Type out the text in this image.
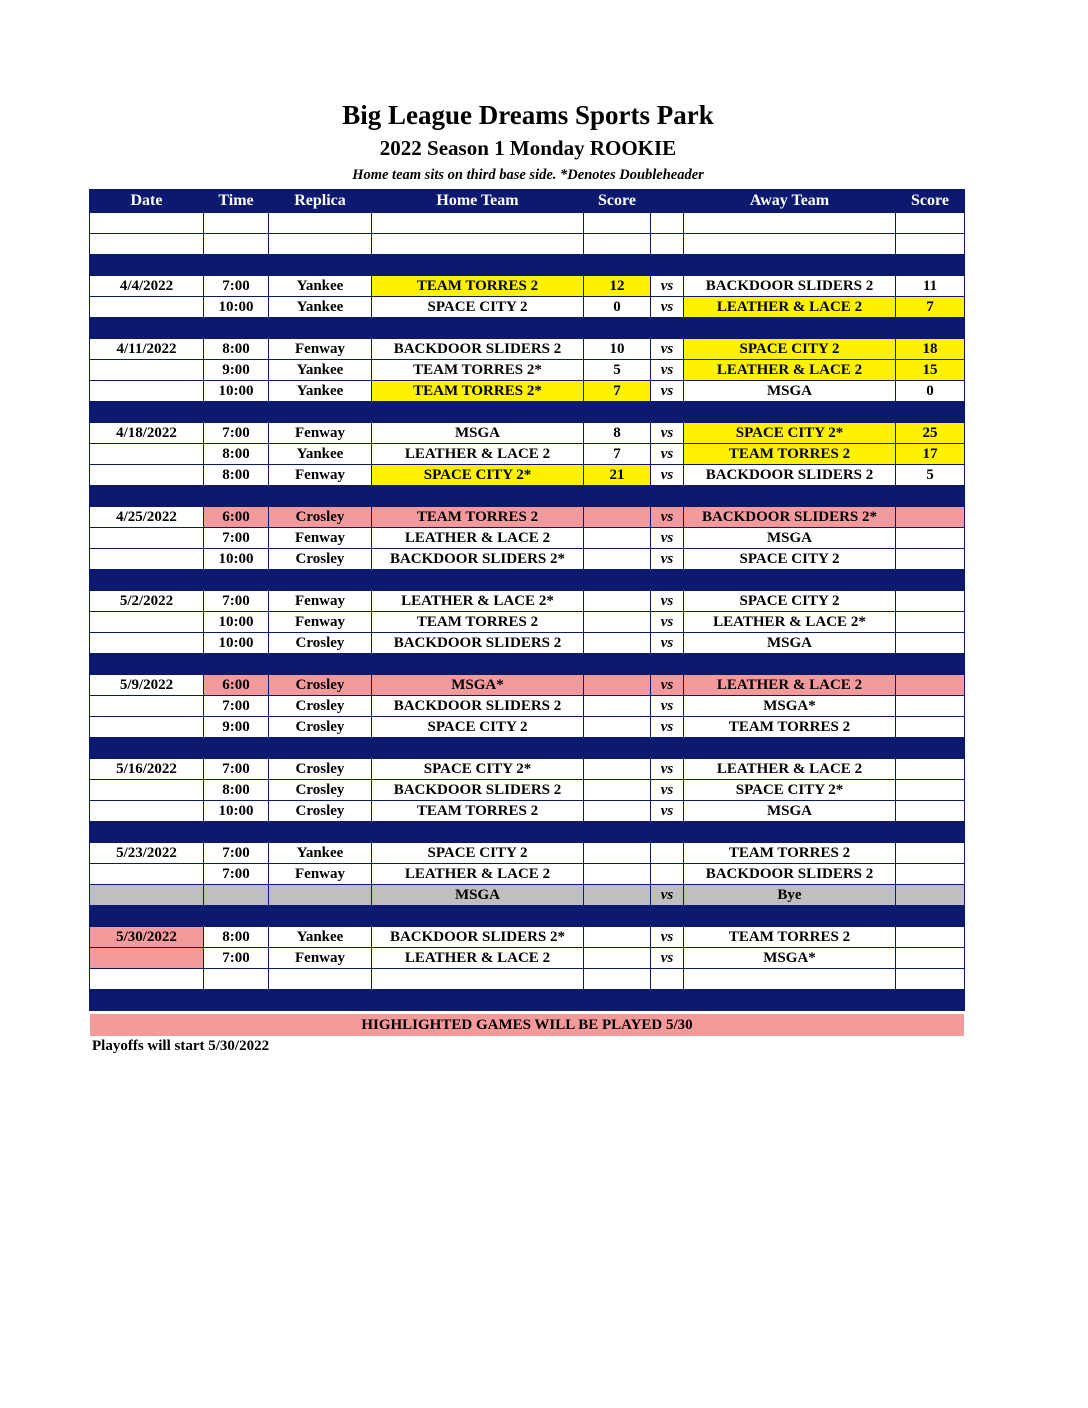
Big League Dreams Sports Park
2022 Season 1 Monday ROOKIE
Home team sits on third base side. *Denotes Doubleheader
Date	Time	Replica	Home Team	Score		Away Team	Score

4/4/2022	7:00	Yankee	TEAM TORRES 2	12	vs	BACKDOOR SLIDERS 2	11
	10:00	Yankee	SPACE CITY 2	0	vs	LEATHER & LACE 2	7

4/11/2022	8:00	Fenway	BACKDOOR SLIDERS 2	10	vs	SPACE CITY 2	18
	9:00	Yankee	TEAM TORRES 2*	5	vs	LEATHER & LACE 2	15
	10:00	Yankee	TEAM TORRES 2*	7	vs	MSGA	0

4/18/2022	7:00	Fenway	MSGA	8	vs	SPACE CITY 2*	25
	8:00	Yankee	LEATHER & LACE 2	7	vs	TEAM TORRES 2	17
	8:00	Fenway	SPACE CITY 2*	21	vs	BACKDOOR SLIDERS 2	5

4/25/2022	6:00	Crosley	TEAM TORRES 2		vs	BACKDOOR SLIDERS 2*	
	7:00	Fenway	LEATHER & LACE 2		vs	MSGA	
	10:00	Crosley	BACKDOOR SLIDERS 2*		vs	SPACE CITY 2	

5/2/2022	7:00	Fenway	LEATHER & LACE 2*		vs	SPACE CITY 2	
	10:00	Fenway	TEAM TORRES 2		vs	LEATHER & LACE 2*	
	10:00	Crosley	BACKDOOR SLIDERS 2		vs	MSGA	

5/9/2022	6:00	Crosley	MSGA*		vs	LEATHER & LACE 2	
	7:00	Crosley	BACKDOOR SLIDERS 2		vs	MSGA*	
	9:00	Crosley	SPACE CITY 2		vs	TEAM TORRES 2	

5/16/2022	7:00	Crosley	SPACE CITY 2*		vs	LEATHER & LACE 2	
	8:00	Crosley	BACKDOOR SLIDERS 2		vs	SPACE CITY 2*	
	10:00	Crosley	TEAM TORRES 2		vs	MSGA	

5/23/2022	7:00	Yankee	SPACE CITY 2			TEAM TORRES 2	
	7:00	Fenway	LEATHER & LACE 2			BACKDOOR SLIDERS 2	
			MSGA		vs	Bye	

5/30/2022	8:00	Yankee	BACKDOOR SLIDERS 2*		vs	TEAM TORRES 2	
	7:00	Fenway	LEATHER & LACE 2		vs	MSGA*	

HIGHLIGHTED GAMES WILL BE PLAYED 5/30
Playoffs will start 5/30/2022
